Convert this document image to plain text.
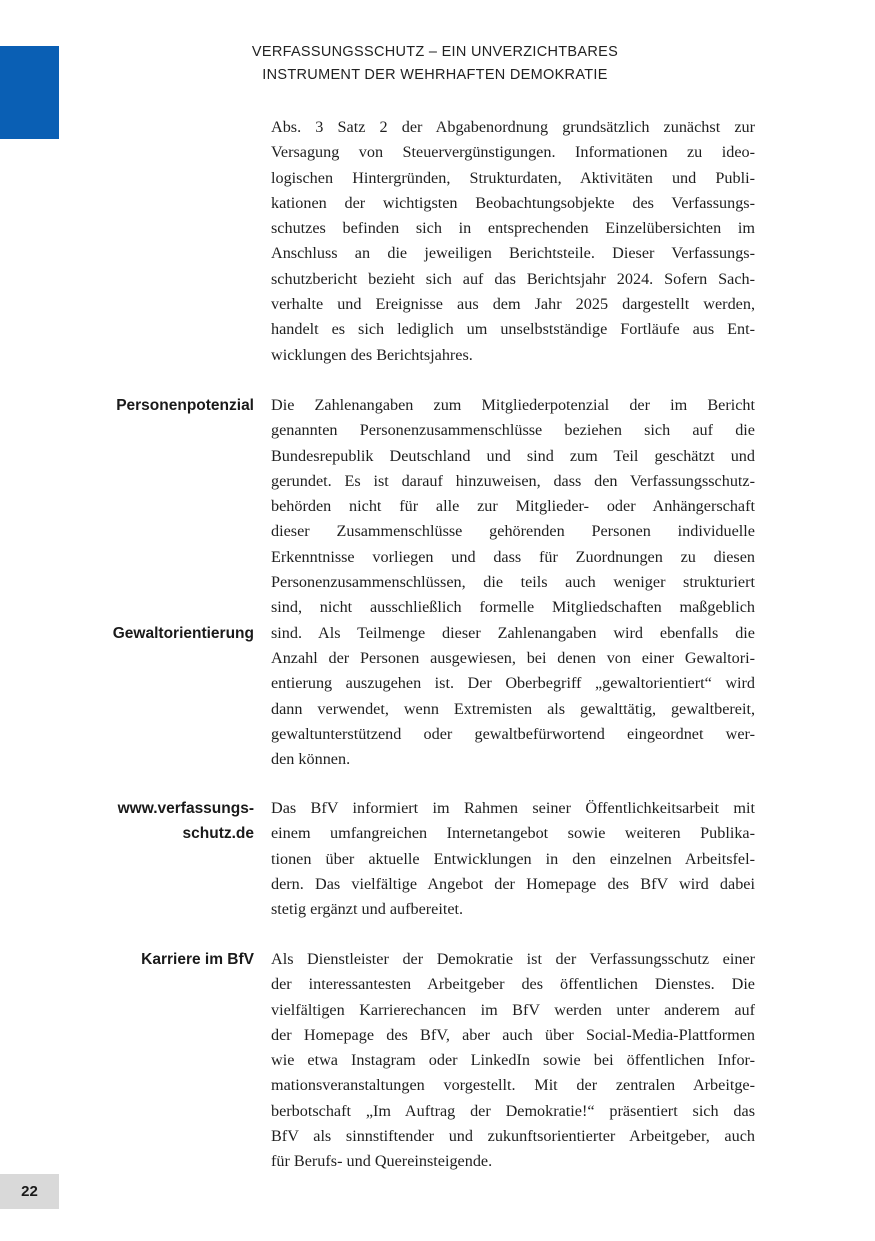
VERFASSUNGSSCHUTZ – EIN UNVERZICHTBARES
INSTRUMENT DER WEHRHAFTEN DEMOKRATIE
Abs. 3 Satz 2 der Abgabenordnung grundsätzlich zunächst zur
Versagung von Steuervergünstigungen. Informationen zu ideo-
logischen Hintergründen, Strukturdaten, Aktivitäten und Publi-
kationen der wichtigsten Beobachtungsobjekte des Verfassungs-
schutzes befinden sich in entsprechenden Einzelübersichten im
Anschluss an die jeweiligen Berichtsteile. Dieser Verfassungs-
schutzbericht bezieht sich auf das Berichtsjahr 2024. Sofern Sach-
verhalte und Ereignisse aus dem Jahr 2025 dargestellt werden,
handelt es sich lediglich um unselbstständige Fortläufe aus Ent-
wicklungen des Berichtsjahres.
Personenpotenzial Die Zahlenangaben zum Mitgliederpotenzial der im Bericht
genannten Personenzusammenschlüsse beziehen sich auf die
Bundesrepublik Deutschland und sind zum Teil geschätzt und
gerundet. Es ist darauf hinzuweisen, dass den Verfassungsschutz-
behörden nicht für alle zur Mitglieder- oder Anhängerschaft
dieser Zusammenschlüsse gehörenden Personen individuelle
Erkenntnisse vorliegen und dass für Zuordnungen zu diesen
Personenzusammenschlüssen, die teils auch weniger strukturiert
sind, nicht ausschließlich formelle Mitgliedschaften maßgeblich
sind. Als Teilmenge dieser Zahlenangaben wird ebenfalls die
Anzahl der Personen ausgewiesen, bei denen von einer Gewaltori-
entierung auszugehen ist. Der Oberbegriff „gewaltorientiert“ wird
dann verwendet, wenn Extremisten als gewalttätig, gewaltbereit,
gewaltunterstützend oder gewaltbefürwortend eingeordnet wer-
den können.
Gewaltorientierung
www.verfassungs-
schutz.de
Das BfV informiert im Rahmen seiner Öffentlichkeitsarbeit mit
einem umfangreichen Internetangebot sowie weiteren Publika-
tionen über aktuelle Entwicklungen in den einzelnen Arbeitsfel-
dern. Das vielfältige Angebot der Homepage des BfV wird dabei
stetig ergänzt und aufbereitet.
Karriere im BfV Als Dienstleister der Demokratie ist der Verfassungsschutz einer
der interessantesten Arbeitgeber des öffentlichen Dienstes. Die
vielfältigen Karrierechancen im BfV werden unter anderem auf
der Homepage des BfV, aber auch über Social-Media-Plattformen
wie etwa Instagram oder LinkedIn sowie bei öffentlichen Infor-
mationsveranstaltungen vorgestellt. Mit der zentralen Arbeitge-
berbotschaft „Im Auftrag der Demokratie!“ präsentiert sich das
BfV als sinnstiftender und zukunftsorientierter Arbeitgeber, auch
für Berufs- und Quereinsteigende.
22
